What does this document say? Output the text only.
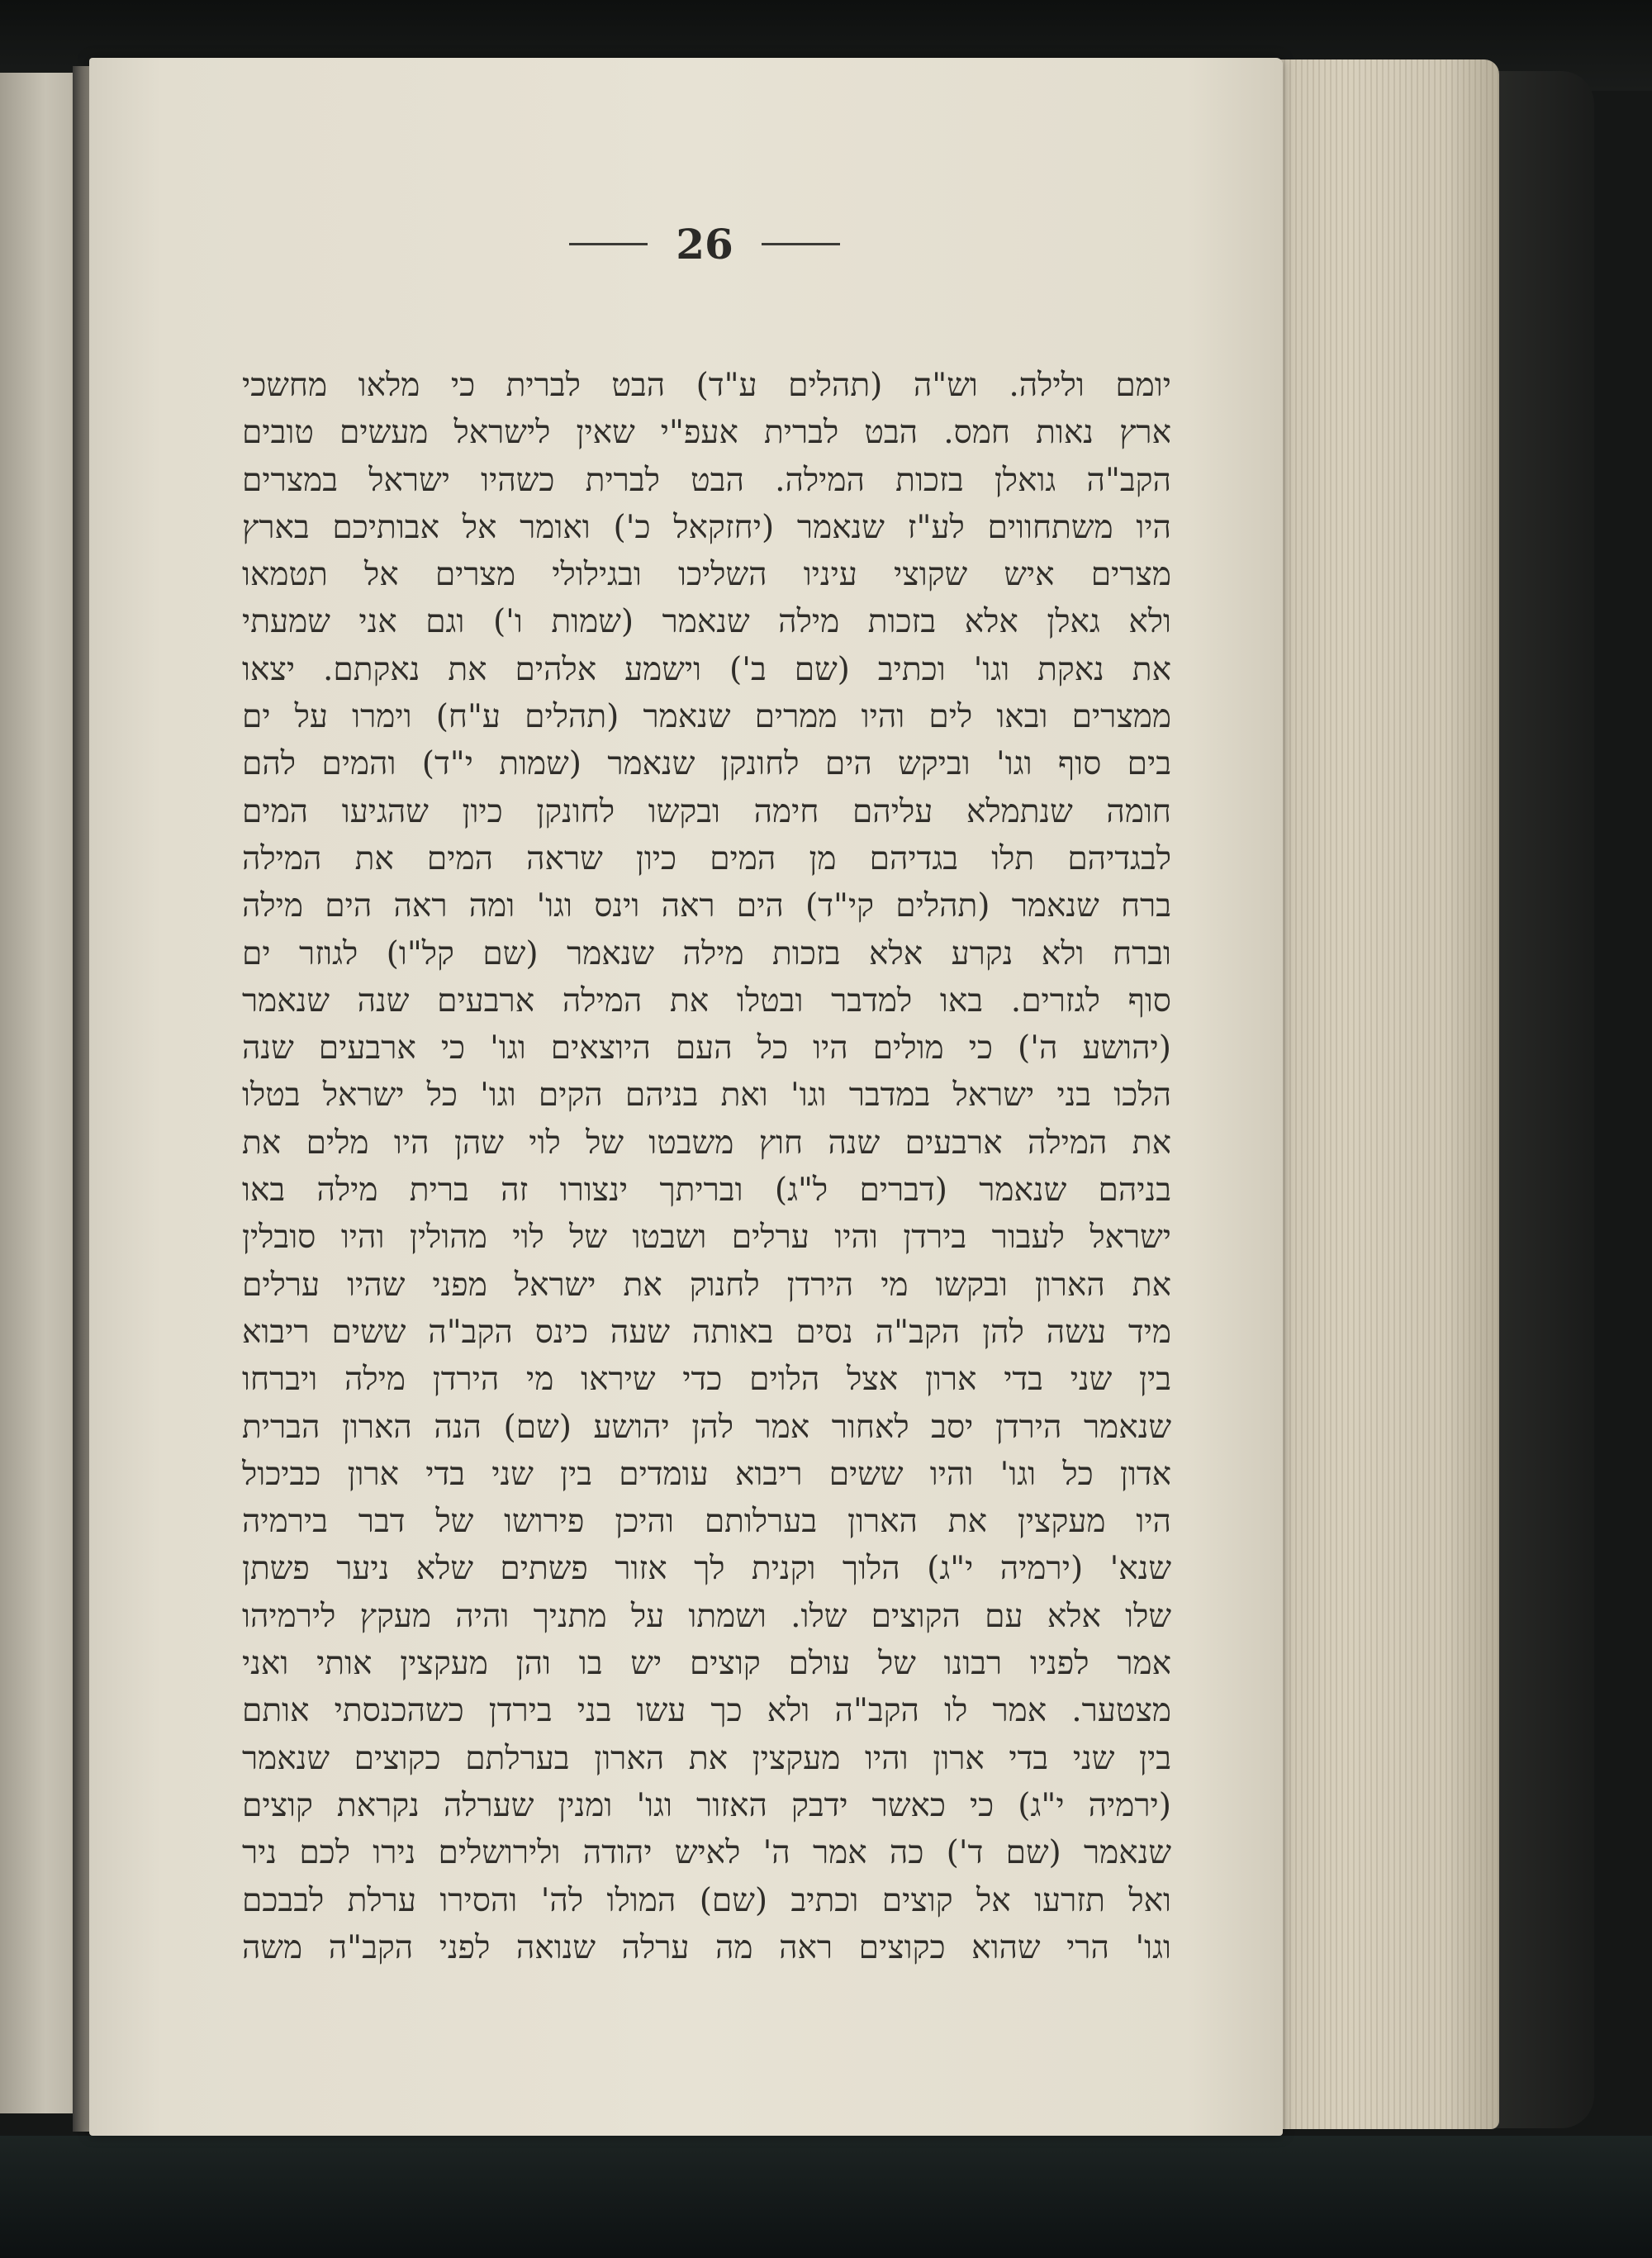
26
יומם ולילה. וש"ה (תהלים ע"ד) הבט לברית כי מלאו מחשכי
ארץ נאות חמס. הבט לברית אעפ"י שאין לישראל מעשים טובים
הקב"ה גואלן בזכות המילה. הבט לברית כשהיו ישראל במצרים
היו משתחווים לע"ז שנאמר (יחזקאל כ') ואומר אל אבותיכם בארץ
מצרים איש שקוצי עיניו השליכו ובגילולי מצרים אל תטמאו
ולא גאלן אלא בזכות מילה שנאמר (שמות ו') וגם אני שמעתי
את נאקת וגו' וכתיב (שם ב') וישמע אלהים את נאקתם. יצאו
ממצרים ובאו לים והיו ממרים שנאמר (תהלים ע"ח) וימרו על ים
בים סוף וגו' וביקש הים לחונקן שנאמר (שמות י"ד) והמים להם
חומה שנתמלא עליהם חימה ובקשו לחונקן כיון שהגיעו המים
לבגדיהם תלו בגדיהם מן המים כיון שראה המים את המילה
ברח שנאמר (תהלים קי"ד) הים ראה וינס וגו' ומה ראה הים מילה
וברח ולא נקרע אלא בזכות מילה שנאמר (שם קל"ו) לגוזר ים
סוף לגזרים. באו למדבר ובטלו את המילה ארבעים שנה שנאמר
(יהושע ה') כי מולים היו כל העם היוצאים וגו' כי ארבעים שנה
הלכו בני ישראל במדבר וגו' ואת בניהם הקים וגו' כל ישראל בטלו
את המילה ארבעים שנה חוץ משבטו של לוי שהן היו מלים את
בניהם שנאמר (דברים ל"ג) ובריתך ינצורו זה ברית מילה באו
ישראל לעבור בירדן והיו ערלים ושבטו של לוי מהולין והיו סובלין
את הארון ובקשו מי הירדן לחנוק את ישראל מפני שהיו ערלים
מיד עשה להן הקב"ה נסים באותה שעה כינס הקב"ה ששים ריבוא
בין שני בדי ארון אצל הלוים כדי שיראו מי הירדן מילה ויברחו
שנאמר הירדן יסב לאחור אמר להן יהושע (שם) הנה הארון הברית
אדון כל וגו' והיו ששים ריבוא עומדים בין שני בדי ארון כביכול
היו מעקצין את הארון בערלותם והיכן פירושו של דבר בירמיה
שנא' (ירמיה י"ג) הלוך וקנית לך אזור פשתים שלא ניער פשתן
שלו אלא עם הקוצים שלו. ושמתו על מתניך והיה מעקץ לירמיהו
אמר לפניו רבונו של עולם קוצים יש בו והן מעקצין אותי ואני
מצטער. אמר לו הקב"ה ולא כך עשו בני בירדן כשהכנסתי אותם
בין שני בדי ארון והיו מעקצין את הארון בערלתם כקוצים שנאמר
(ירמיה י"ג) כי כאשר ידבק האזור וגו' ומנין שערלה נקראת קוצים
שנאמר (שם ד') כה אמר ה' לאיש יהודה ולירושלים נירו לכם ניר
ואל תזרעו אל קוצים וכתיב (שם) המולו לה' והסירו ערלת לבבכם
וגו' הרי שהוא כקוצים ראה מה ערלה שנואה לפני הקב"ה משה
